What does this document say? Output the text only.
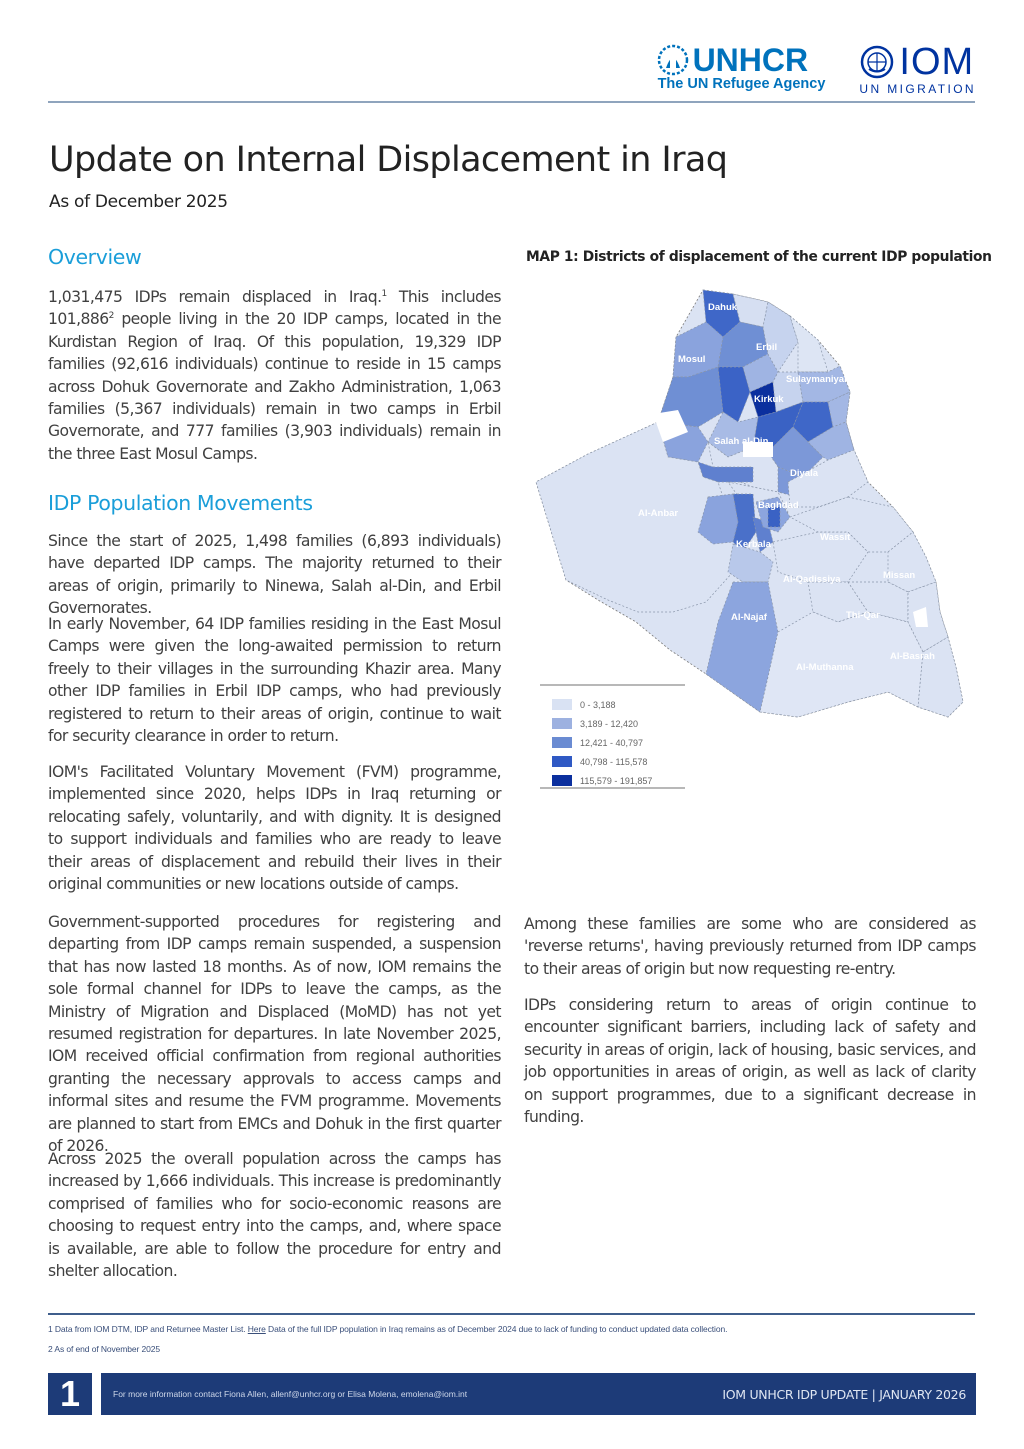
UNHCR
The UN Refugee Agency
IOM
UN MIGRATION
Update on Internal Displacement in Iraq
As of December 2025
Overview

1,031,475 IDPs remain displaced in Iraq.$^1$ This includes 101,886$^2$ people living in the 20 IDP camps, located in the Kurdistan Region of Iraq. Of this population, 19,329 IDP families (92,616 individuals) continue to reside in 15 camps across Dohuk Governorate and Zakho Administration, 1,063 families (5,367 individuals) remain in two camps in Erbil Governorate, and 777 families (3,903 individuals) remain in the three East Mosul Camps.

IDP Population Movements

Since the start of 2025, 1,498 families (6,893 individuals) have departed IDP camps. The majority returned to their areas of origin, primarily to Ninewa, Salah al-Din, and Erbil Governorates.

In early November, 64 IDP families residing in the East Mosul Camps were given the long-awaited permission to return freely to their villages in the surrounding Khazir area. Many other IDP families in Erbil IDP camps, who had previously registered to return to their areas of origin, continue to wait for security clearance in order to return.

IOM's Facilitated Voluntary Movement (FVM) programme, implemented since 2020, helps IDPs in Iraq returning or relocating safely, voluntarily, and with dignity. It is designed to support individuals and families who are ready to leave their areas of displacement and rebuild their lives in their original communities or new locations outside of camps.

Government-supported procedures for registering and departing from IDP camps remain suspended, a suspension that has now lasted 18 months. As of now, IOM remains the sole formal channel for IDPs to leave the camps, as the Ministry of Migration and Displaced (MoMD) has not yet resumed registration for departures. In late November 2025, IOM received official confirmation from regional authorities granting the necessary approvals to access camps and informal sites and resume the FVM programme. Movements are planned to start from EMCs and Dohuk in the first quarter of 2026.

Across 2025 the overall population across the camps has increased by 1,666 individuals. This increase is predominantly comprised of families who for socio-economic reasons are choosing to request entry into the camps, and, where space is available, are able to follow the procedure for entry and shelter allocation.

Among these families are some who are considered as 'reverse returns', having previously returned from IDP camps to their areas of origin but now requesting re-entry.

IDPs considering return to areas of origin continue to encounter significant barriers, including lack of safety and security in areas of origin, lack of housing, basic services, and job opportunities in areas of origin, as well as lack of clarity on support programmes, due to a significant decrease in funding.

MAP 1: Districts of displacement of the current IDP population
Dahuk
Mosul
Erbil
Sulaymaniyah
Kirkuk
Salah al-Din
Diyala
Al-Anbar
Baghdad
Kerbala
Wassit
Al-Qadissiya	Missan
Thi-Qar
Al-Najaf
Al-Muthanna
Al-Basrah
0 - 3,188
3,189 - 12,420
12,421 - 40,797
40,798 - 115,578
115,579 - 191,857
1 Data from IOM DTM, IDP and Returnee Master List. Here Data of the full IDP population in Iraq remains as of December 2024 due to lack of funding to conduct updated data collection.
2 As of end of November 2025
1	For more information contact Fiona Allen, allenf@unhcr.org or Elisa Molena, emolena@iom.int	IOM UNHCR IDP UPDATE | JANUARY 2026
